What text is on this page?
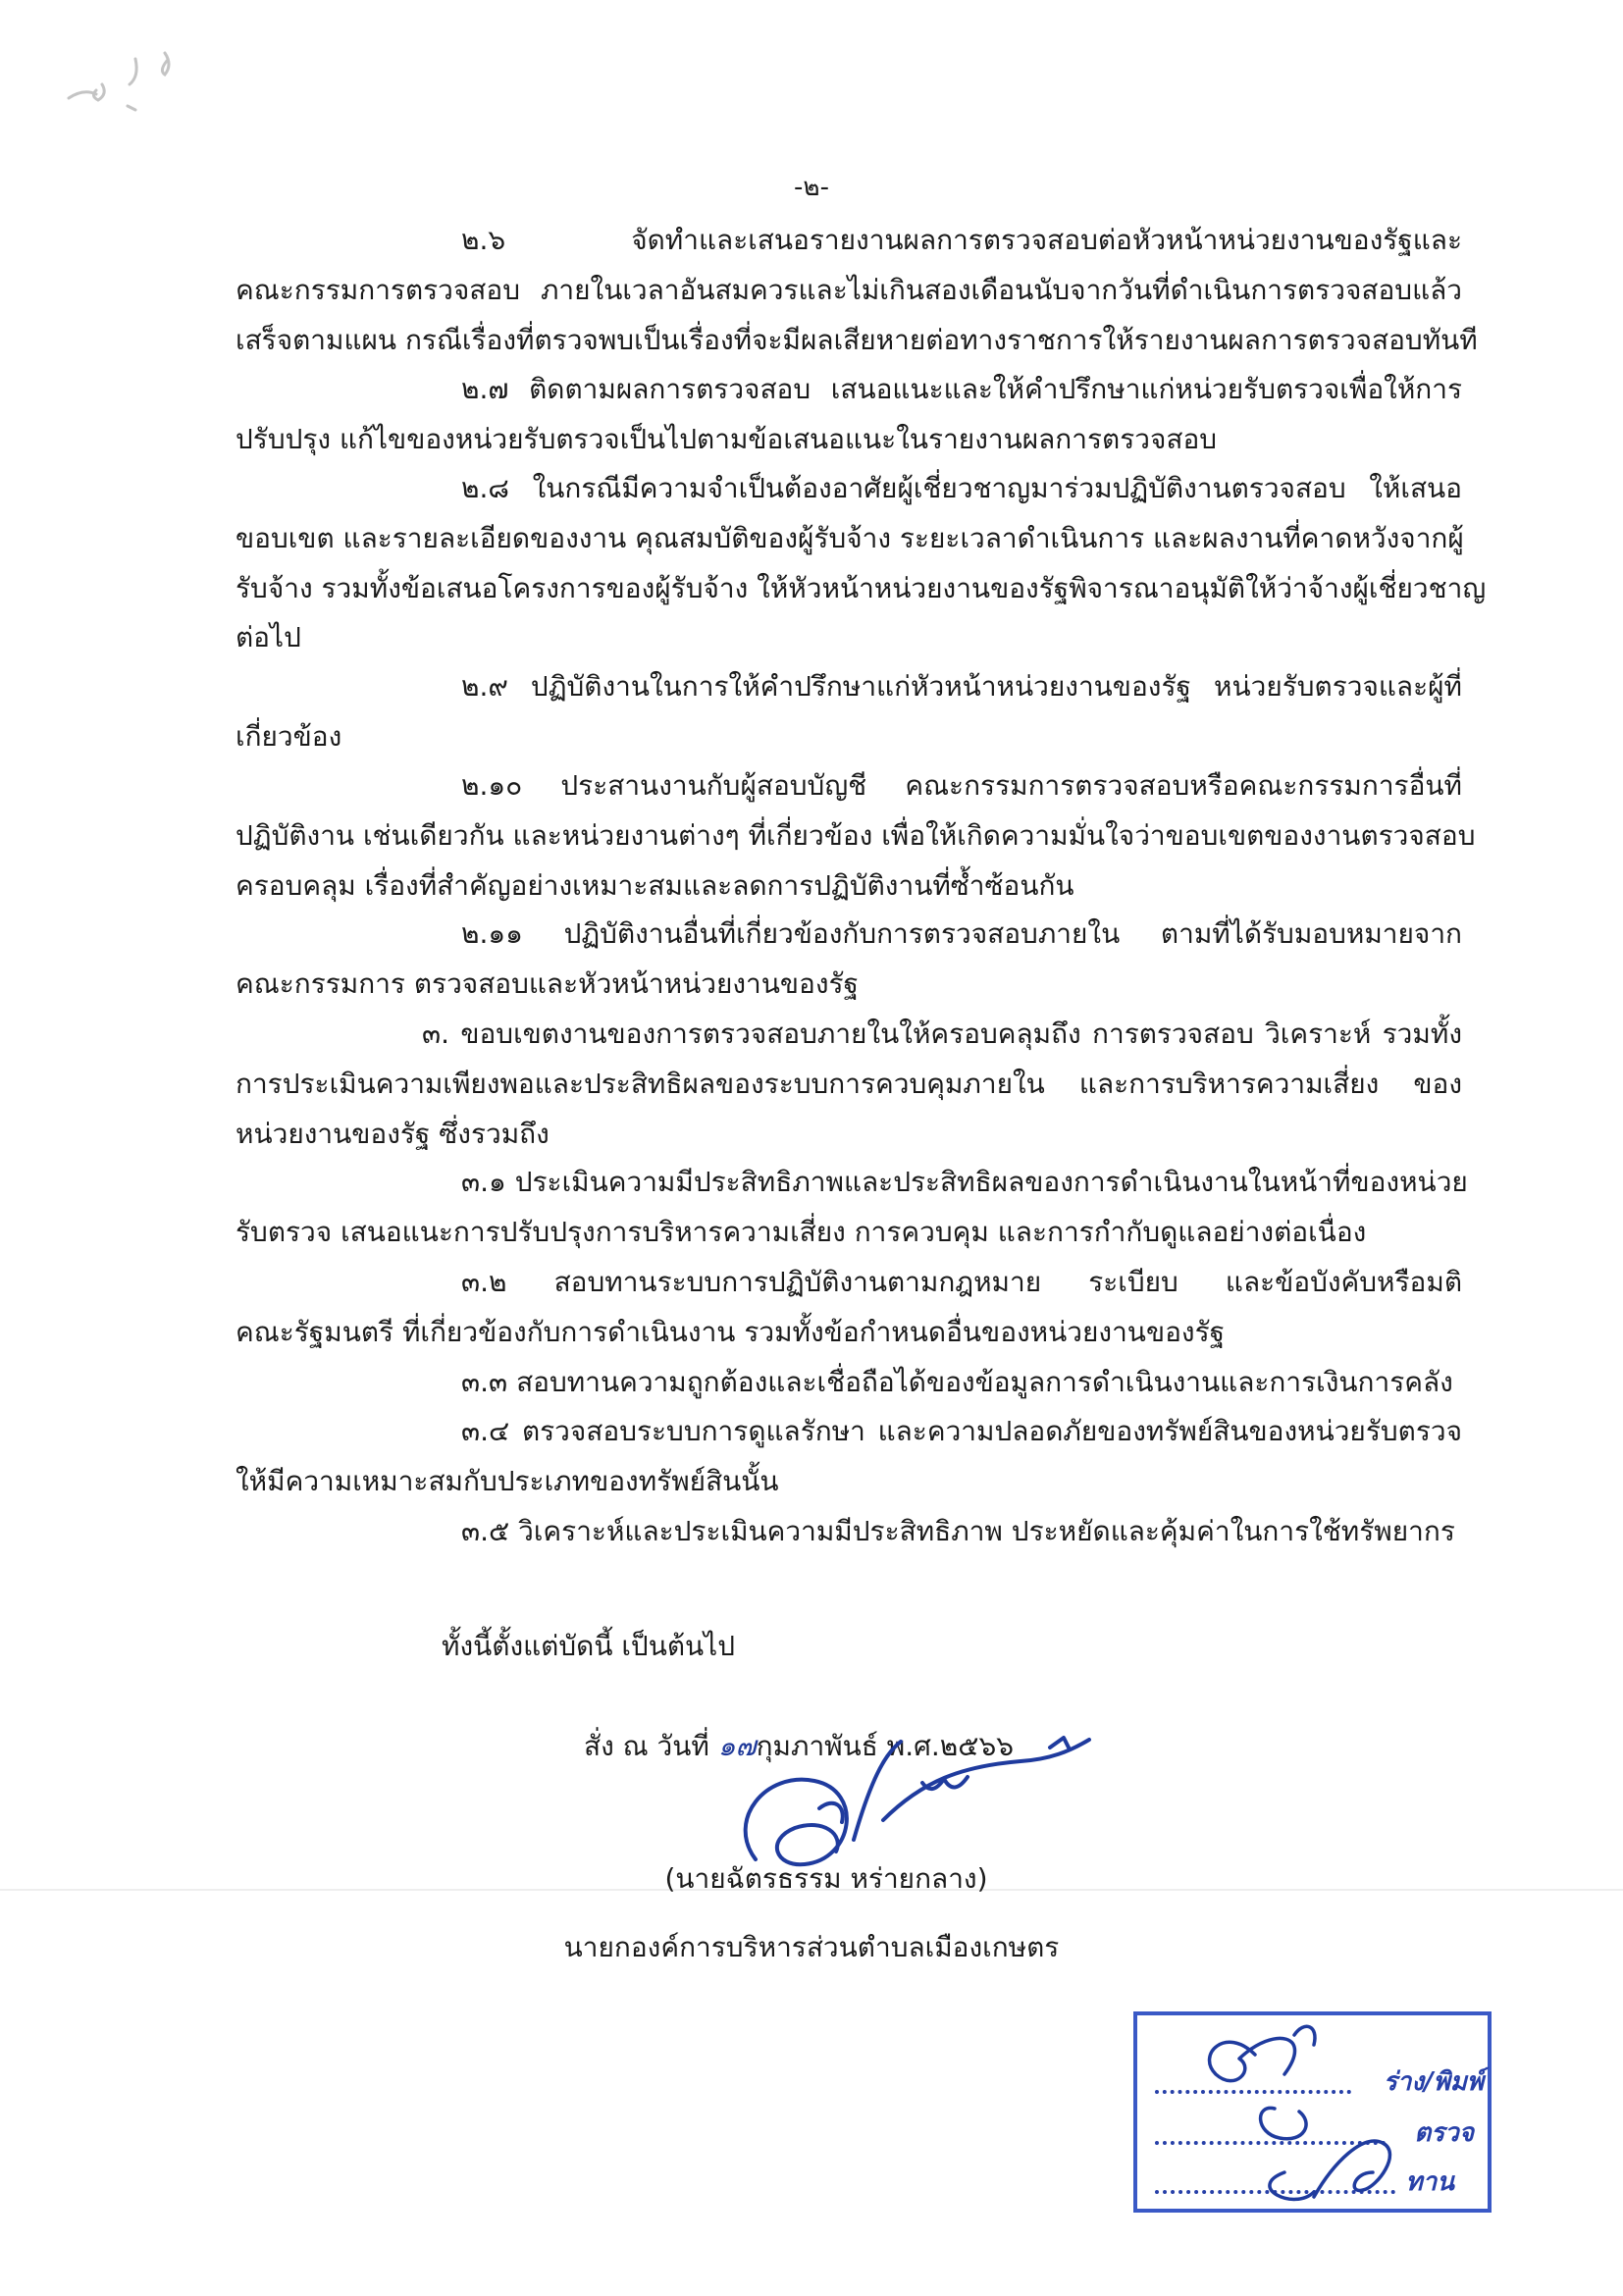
-๒-
๒.๖ จัดทำและเสนอรายงานผลการตรวจสอบต่อหัวหน้าหน่วยงานของรัฐและ
คณะกรรมการตรวจสอบ ภายในเวลาอันสมควรและไม่เกินสองเดือนนับจากวันที่ดำเนินการตรวจสอบแล้ว
เสร็จตามแผน กรณีเรื่องที่ตรวจพบเป็นเรื่องที่จะมีผลเสียหายต่อทางราชการให้รายงานผลการตรวจสอบทันที
๒.๗ ติดตามผลการตรวจสอบ เสนอแนะและให้คำปรึกษาแก่หน่วยรับตรวจเพื่อให้การ
ปรับปรุง แก้ไขของหน่วยรับตรวจเป็นไปตามข้อเสนอแนะในรายงานผลการตรวจสอบ
๒.๘ ในกรณีมีความจำเป็นต้องอาศัยผู้เชี่ยวชาญมาร่วมปฏิบัติงานตรวจสอบ ให้เสนอ
ขอบเขต และรายละเอียดของงาน คุณสมบัติของผู้รับจ้าง ระยะเวลาดำเนินการ และผลงานที่คาดหวังจากผู้
รับจ้าง รวมทั้งข้อเสนอโครงการของผู้รับจ้าง ให้หัวหน้าหน่วยงานของรัฐพิจารณาอนุมัติให้ว่าจ้างผู้เชี่ยวชาญ
ต่อไป
๒.๙ ปฏิบัติงานในการให้คำปรึกษาแก่หัวหน้าหน่วยงานของรัฐ หน่วยรับตรวจและผู้ที่
เกี่ยวข้อง
๒.๑๐ ประสานงานกับผู้สอบบัญชี คณะกรรมการตรวจสอบหรือคณะกรรมการอื่นที่
ปฏิบัติงาน เช่นเดียวกัน และหน่วยงานต่างๆ ที่เกี่ยวข้อง เพื่อให้เกิดความมั่นใจว่าขอบเขตของงานตรวจสอบ
ครอบคลุม เรื่องที่สำคัญอย่างเหมาะสมและลดการปฏิบัติงานที่ซ้ำซ้อนกัน
๒.๑๑ ปฏิบัติงานอื่นที่เกี่ยวข้องกับการตรวจสอบภายใน ตามที่ได้รับมอบหมายจาก
คณะกรรมการ ตรวจสอบและหัวหน้าหน่วยงานของรัฐ
๓. ขอบเขตงานของการตรวจสอบภายในให้ครอบคลุมถึง การตรวจสอบ วิเคราะห์ รวมทั้ง
การประเมินความเพียงพอและประสิทธิผลของระบบการควบคุมภายใน และการบริหารความเสี่ยง ของ
หน่วยงานของรัฐ ซึ่งรวมถึง
๓.๑ ประเมินความมีประสิทธิภาพและประสิทธิผลของการดำเนินงานในหน้าที่ของหน่วย
รับตรวจ เสนอแนะการปรับปรุงการบริหารความเสี่ยง การควบคุม และการกำกับดูแลอย่างต่อเนื่อง
๓.๒ สอบทานระบบการปฏิบัติงานตามกฎหมาย ระเบียบ และข้อบังคับหรือมติ
คณะรัฐมนตรี ที่เกี่ยวข้องกับการดำเนินงาน รวมทั้งข้อกำหนดอื่นของหน่วยงานของรัฐ
๓.๓ สอบทานความถูกต้องและเชื่อถือได้ของข้อมูลการดำเนินงานและการเงินการคลัง
๓.๔ ตรวจสอบระบบการดูแลรักษา และความปลอดภัยของทรัพย์สินของหน่วยรับตรวจ
ให้มีความเหมาะสมกับประเภทของทรัพย์สินนั้น
๓.๕ วิเคราะห์และประเมินความมีประสิทธิภาพ ประหยัดและคุ้มค่าในการใช้ทรัพยากร
ทั้งนี้ตั้งแต่บัดนี้ เป็นต้นไป
สั่ง ณ วันที่ ๑๗กุมภาพันธ์ พ.ศ.๒๕๖๖
(นายฉัตรธรรม หร่ายกลาง)
นายกองค์การบริหารส่วนตำบลเมืองเกษตร
ร่าง/พิมพ์
ตรวจ
ทาน
